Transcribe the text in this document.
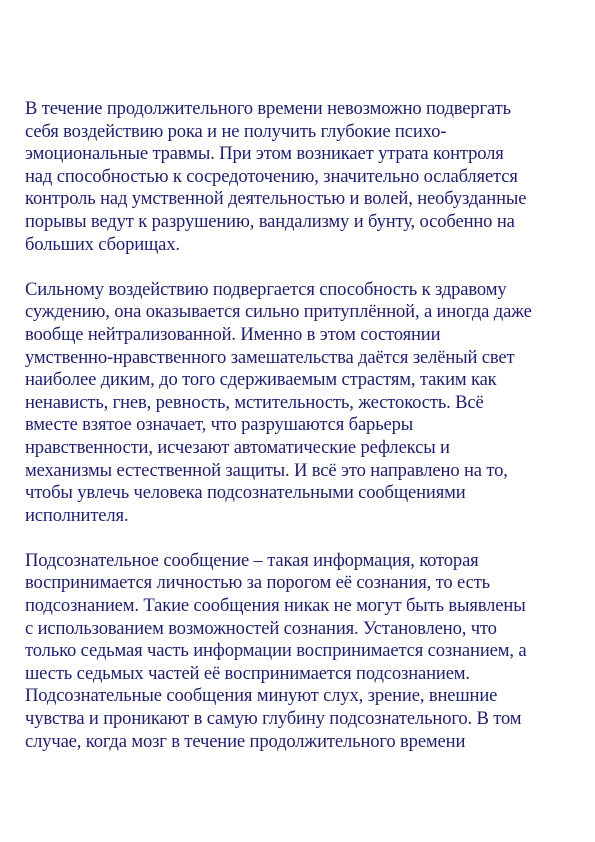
В течение продолжительного времени невозможно подвергать
себя воздействию рока и не получить глубокие психо-
эмоциональные травмы. При этом возникает утрата контроля
над способностью к сосредоточению, значительно ослабляется
контроль над умственной деятельностью и волей, необузданные
порывы ведут к разрушению, вандализму и бунту, особенно на
больших сборищах.

Сильному воздействию подвергается способность к здравому
суждению, она оказывается сильно притуплённой, а иногда даже
вообще нейтрализованной. Именно в этом состоянии
умственно-нравственного замешательства даётся зелёный свет
наиболее диким, до того сдерживаемым страстям, таким как
ненависть, гнев, ревность, мстительность, жестокость. Всё
вместе взятое означает, что разрушаются барьеры
нравственности, исчезают автоматические рефлексы и
механизмы естественной защиты. И всё это направлено на то,
чтобы увлечь человека подсознательными сообщениями
исполнителя.

Подсознательное сообщение – такая информация, которая
воспринимается личностью за порогом её сознания, то есть
подсознанием. Такие сообщения никак не могут быть выявлены
с использованием возможностей сознания. Установлено, что
только седьмая часть информации воспринимается сознанием, а
шесть седьмых частей её воспринимается подсознанием.
Подсознательные сообщения минуют слух, зрение, внешние
чувства и проникают в самую глубину подсознательного. В том
случае, когда мозг в течение продолжительного времени
